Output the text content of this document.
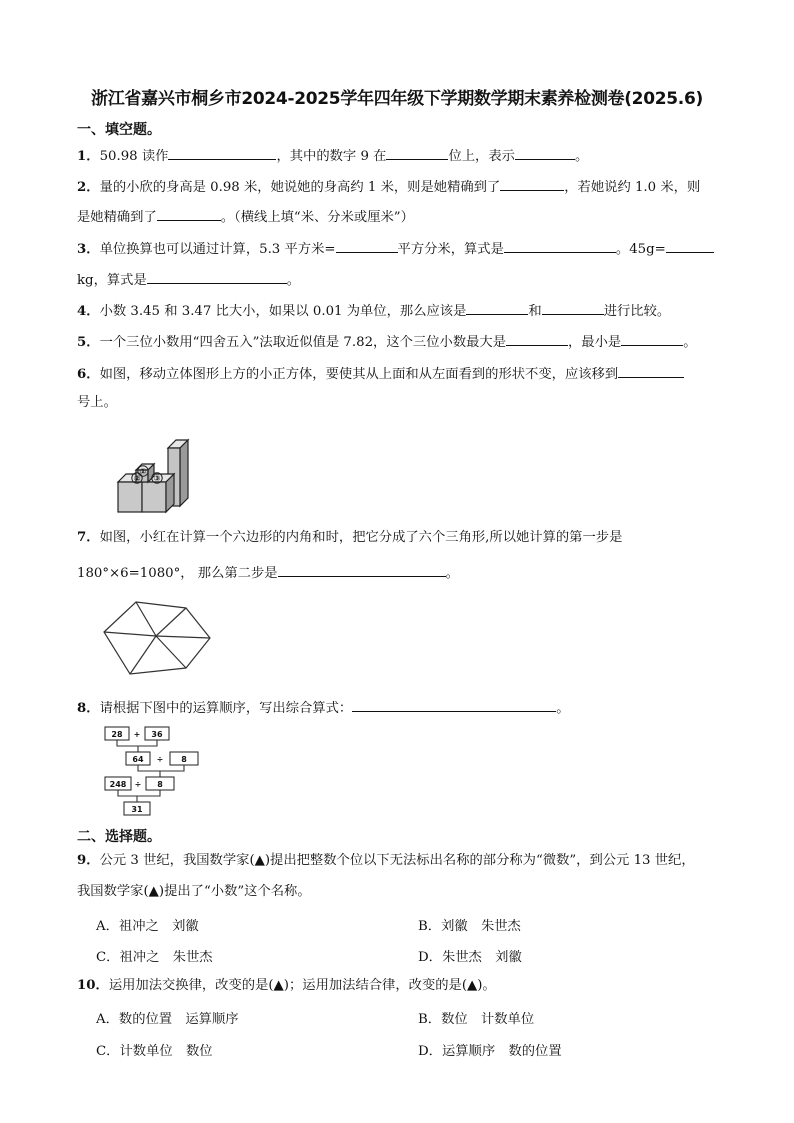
浙江省嘉兴市桐乡市2024-2025学年四年级下学期数学期末素养检测卷(2025.6)
一、填空题。
1．50.98 读作	，其中的数字 9 在	位上，表示	。
2．量的小欣的身高是 0.98 米，她说她的身高约 1 米，则是她精确到了	，若她说约 1.0 米，则
是她精确到了	。（横线上填“米、分米或厘米”）
3．单位换算也可以通过计算，5.3 平方米=	平方分米，算式是	。45g=
kg，算式是	。
4．小数 3.45 和 3.47 比大小，如果以 0.01 为单位，那么应该是	和	进行比较。
5．一个三位小数用“四舍五入”法取近似值是 7.82，这个三位小数最大是	，最小是	。
6．如图，移动立体图形上方的小正方体，要使其从上面和从左面看到的形状不变，应该移到
号上。
①
② ③
7．如图，小红在计算一个六边形的内角和时，把它分成了六个三角形,所以她计算的第一步是
180°×6=1080°， 那么第二步是	。
8．请根据下图中的运算顺序，写出综合算式：	。
28 + 36
64 ÷ 8
248 ÷ 8
31
二、选择题。
9．公元 3 世纪，我国数学家(▲)提出把整数个位以下无法标出名称的部分称为“微数”，到公元 13 世纪，
我国数学家(▲)提出了“小数”这个名称。
A．祖冲之　刘徽	B．刘徽　朱世杰
C．祖冲之　朱世杰	D．朱世杰　刘徽
10．运用加法交换律，改变的是(▲)；运用加法结合律，改变的是(▲)。
A．数的位置　运算顺序	B．数位　计数单位
C．计数单位　数位	D．运算顺序　数的位置
